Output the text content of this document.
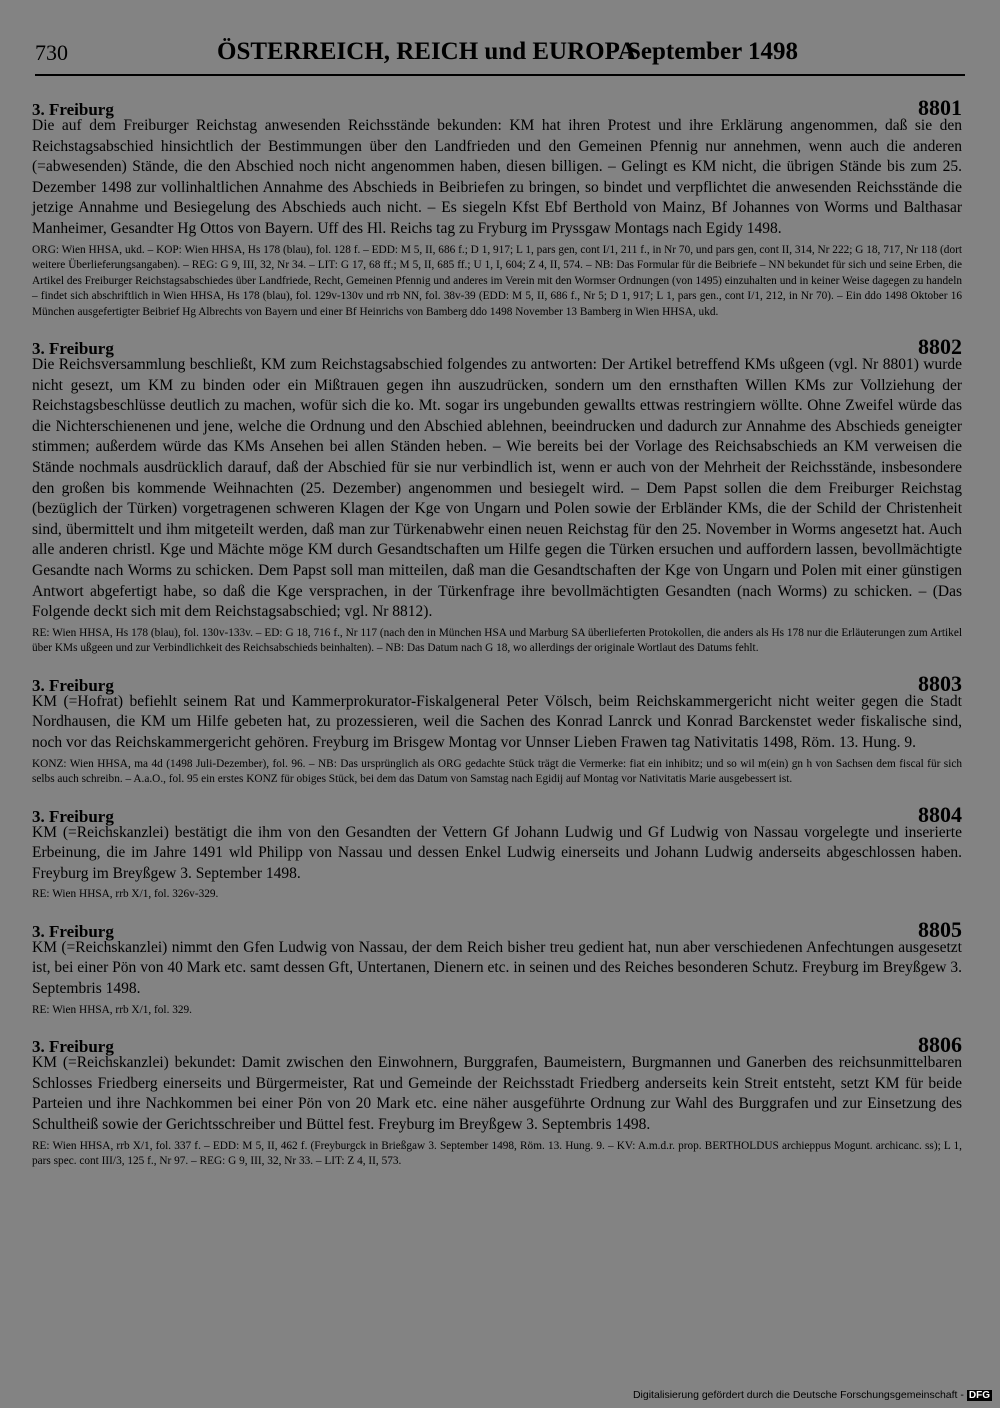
730	ÖSTERREICH, REICH und EUROPA
September 1498
3. Freiburg	8801

Die auf dem Freiburger Reichstag anwesenden Reichsstände bekunden: KM hat ihren Protest und ihre Erklärung angenommen, daß sie den Reichstagsabschied hinsichtlich der Bestimmungen über den Landfrieden und den Gemeinen Pfennig nur annehmen, wenn auch die anderen (=abwesenden) Stände, die den Abschied noch nicht angenommen haben, diesen billigen. – Gelingt es KM nicht, die übrigen Stände bis zum 25. Dezember 1498 zur vollinhaltlichen Annahme des Abschieds in Beibriefen zu bringen, so bindet und verpflichtet die anwesenden Reichsstände die jetzige Annahme und Besiegelung des Abschieds auch nicht. – Es siegeln Kfst Ebf Berthold von Mainz, Bf Johannes von Worms und Balthasar Manheimer, Gesandter Hg Ottos von Bayern. Uff des Hl. Reichs tag zu Fryburg im Pryssgaw Montags nach Egidy 1498.

ORG: Wien HHSA, ukd. – KOP: Wien HHSA, Hs 178 (blau), fol. 128 f. – EDD: M 5, II, 686 f.; D 1, 917; L 1, pars gen, cont I/1, 211 f., in Nr 70, und pars gen, cont II, 314, Nr 222; G 18, 717, Nr 118 (dort weitere Überlieferungsangaben). – REG: G 9, III, 32, Nr 34. – LIT: G 17, 68 ff.; M 5, II, 685 ff.; U 1, I, 604; Z 4, II, 574. – NB: Das Formular für die Beibriefe – NN bekundet für sich und seine Erben, die Artikel des Freiburger Reichstagsabschiedes über Landfriede, Recht, Gemeinen Pfennig und anderes im Verein mit den Wormser Ordnungen (von 1495) einzuhalten und in keiner Weise dagegen zu handeln – findet sich abschriftlich in Wien HHSA, Hs 178 (blau), fol. 129v-130v und rrb NN, fol. 38v-39 (EDD: M 5, II, 686 f., Nr 5; D 1, 917; L 1, pars gen., cont I/1, 212, in Nr 70). – Ein ddo 1498 Oktober 16 München ausgefertigter Beibrief Hg Albrechts von Bayern und einer Bf Heinrichs von Bamberg ddo 1498 November 13 Bamberg in Wien HHSA, ukd.

3. Freiburg	8802

Die Reichsversammlung beschließt, KM zum Reichstagsabschied folgendes zu antworten: Der Artikel betreffend KMs ußgeen (vgl. Nr 8801) wurde nicht gesezt, um KM zu binden oder ein Mißtrauen gegen ihn auszudrücken, sondern um den ernsthaften Willen KMs zur Vollziehung der Reichstagsbeschlüsse deutlich zu machen, wofür sich die ko. Mt. sogar irs ungebunden gewallts ettwas restringiern wöllte. Ohne Zweifel würde das die Nichterschienenen und jene, welche die Ordnung und den Abschied ablehnen, beeindrucken und dadurch zur Annahme des Abschieds geneigter stimmen; außerdem würde das KMs Ansehen bei allen Ständen heben. – Wie bereits bei der Vorlage des Reichsabschieds an KM verweisen die Stände nochmals ausdrücklich darauf, daß der Abschied für sie nur verbindlich ist, wenn er auch von der Mehrheit der Reichsstände, insbesondere den großen bis kommende Weihnachten (25. Dezember) angenommen und besiegelt wird. – Dem Papst sollen die dem Freiburger Reichstag (bezüglich der Türken) vorgetragenen schweren Klagen der Kge von Ungarn und Polen sowie der Erbländer KMs, die der Schild der Christenheit sind, übermittelt und ihm mitgeteilt werden, daß man zur Türkenabwehr einen neuen Reichstag für den 25. November in Worms angesetzt hat. Auch alle anderen christl. Kge und Mächte möge KM durch Gesandtschaften um Hilfe gegen die Türken ersuchen und auffordern lassen, bevollmächtigte Gesandte nach Worms zu schicken. Dem Papst soll man mitteilen, daß man die Gesandtschaften der Kge von Ungarn und Polen mit einer günstigen Antwort abgefertigt habe, so daß die Kge versprachen, in der Türkenfrage ihre bevollmächtigten Gesandten (nach Worms) zu schicken. – (Das Folgende deckt sich mit dem Reichstagsabschied; vgl. Nr 8812).

RE: Wien HHSA, Hs 178 (blau), fol. 130v-133v. – ED: G 18, 716 f., Nr 117 (nach den in München HSA und Marburg SA überlieferten Protokollen, die anders als Hs 178 nur die Erläuterungen zum Artikel über KMs ußgeen und zur Verbindlichkeit des Reichsabschieds beinhalten). – NB: Das Datum nach G 18, wo allerdings der originale Wortlaut des Datums fehlt.

3. Freiburg	8803

KM (=Hofrat) befiehlt seinem Rat und Kammerprokurator-Fiskalgeneral Peter Völsch, beim Reichskammergericht nicht weiter gegen die Stadt Nordhausen, die KM um Hilfe gebeten hat, zu prozessieren, weil die Sachen des Konrad Lanrck und Konrad Barckenstet weder fiskalische sind, noch vor das Reichskammergericht gehören. Freyburg im Brisgew Montag vor Unnser Lieben Frawen tag Nativitatis 1498, Röm. 13. Hung. 9.

KONZ: Wien HHSA, ma 4d (1498 Juli-Dezember), fol. 96. – NB: Das ursprünglich als ORG gedachte Stück trägt die Vermerke: fiat ein inhibitz; und so wil m(ein) gn h von Sachsen dem fiscal für sich selbs auch schreibn. – A.a.O., fol. 95 ein erstes KONZ für obiges Stück, bei dem das Datum von Samstag nach Egidij auf Montag vor Nativitatis Marie ausgebessert ist.

3. Freiburg	8804

KM (=Reichskanzlei) bestätigt die ihm von den Gesandten der Vettern Gf Johann Ludwig und Gf Ludwig von Nassau vorgelegte und inserierte Erbeinung, die im Jahre 1491 wld Philipp von Nassau und dessen Enkel Ludwig einerseits und Johann Ludwig anderseits abgeschlossen haben. Freyburg im Breyßgew 3. September 1498.

RE: Wien HHSA, rrb X/1, fol. 326v-329.

3. Freiburg	8805

KM (=Reichskanzlei) nimmt den Gfen Ludwig von Nassau, der dem Reich bisher treu gedient hat, nun aber verschiedenen Anfechtungen ausgesetzt ist, bei einer Pön von 40 Mark etc. samt dessen Gft, Untertanen, Dienern etc. in seinen und des Reiches besonderen Schutz. Freyburg im Breyßgew 3. Septembris 1498.

RE: Wien HHSA, rrb X/1, fol. 329.

3. Freiburg	8806

KM (=Reichskanzlei) bekundet: Damit zwischen den Einwohnern, Burggrafen, Baumeistern, Burgmannen und Ganerben des reichsunmittelbaren Schlosses Friedberg einerseits und Bürgermeister, Rat und Gemeinde der Reichsstadt Friedberg anderseits kein Streit entsteht, setzt KM für beide Parteien und ihre Nachkommen bei einer Pön von 20 Mark etc. eine näher ausgeführte Ordnung zur Wahl des Burggrafen und zur Einsetzung des Schultheiß sowie der Gerichtsschreiber und Büttel fest. Freyburg im Breyßgew 3. Septembris 1498.

RE: Wien HHSA, rrb X/1, fol. 337 f. – EDD: M 5, II, 462 f. (Freyburgck in Brießgaw 3. September 1498, Röm. 13. Hung. 9. – KV: A.m.d.r. prop. BERTHOLDUS archieppus Mogunt. archicanc. ss); L 1, pars spec. cont III/3, 125 f., Nr 97. – REG: G 9, III, 32, Nr 33. – LIT: Z 4, II, 573.

Digitalisierung gefördert durch die Deutsche Forschungsgemeinschaft - DFG
